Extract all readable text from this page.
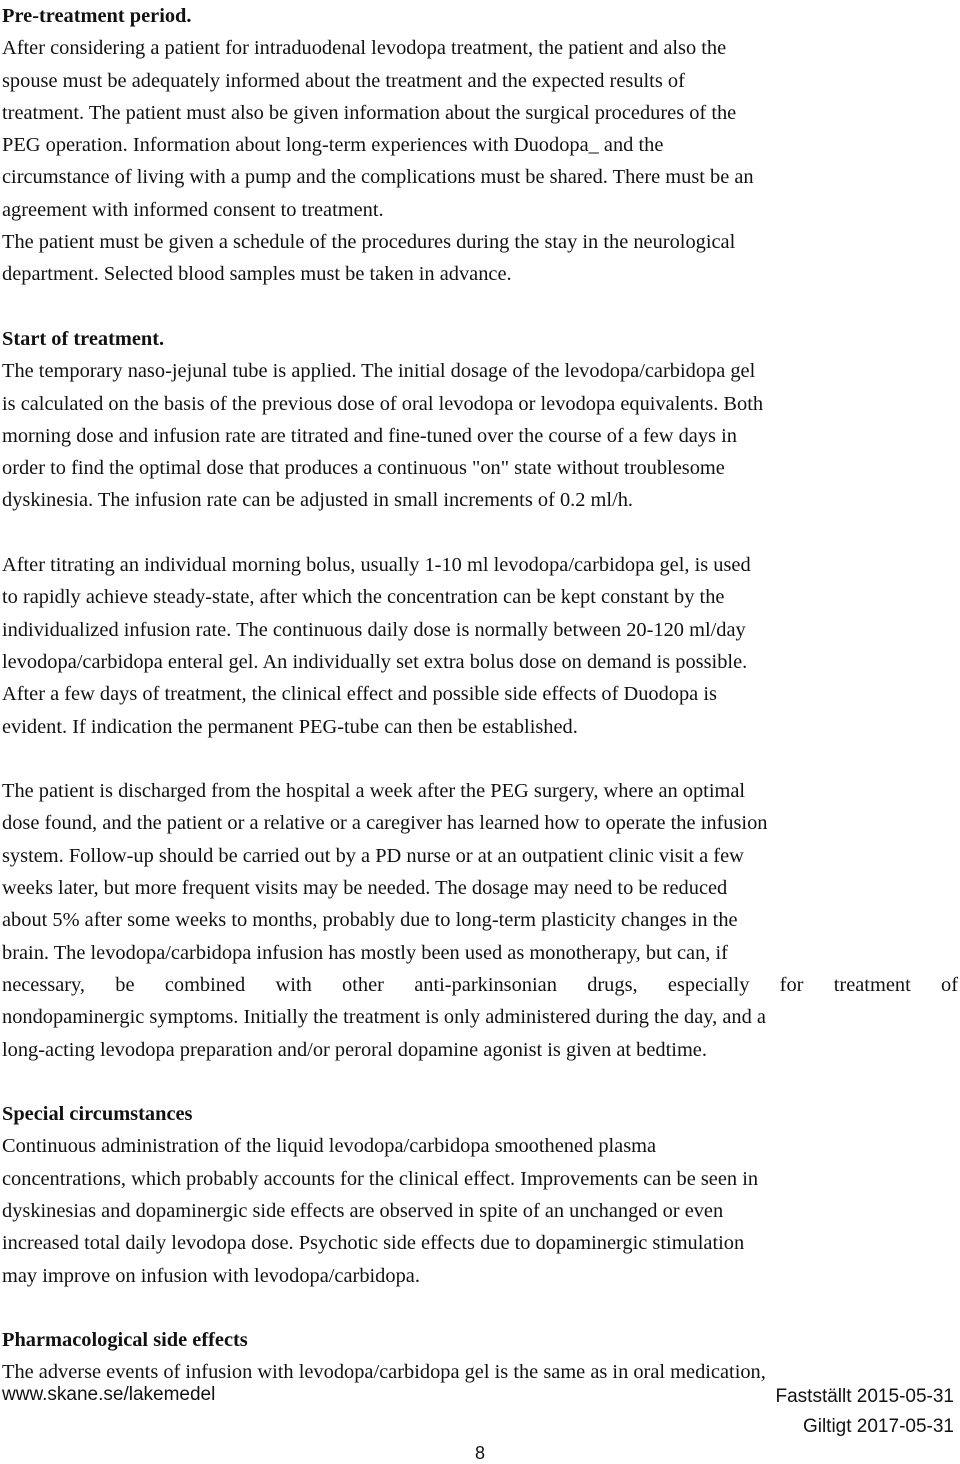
Pre-treatment period.
After considering a patient for intraduodenal levodopa treatment, the patient and also the
spouse must be adequately informed about the treatment and the expected results of
treatment. The patient must also be given information about the surgical procedures of the
PEG operation. Information about long-term experiences with Duodopa_ and the
circumstance of living with a pump and the complications must be shared. There must be an
agreement with informed consent to treatment.
The patient must be given a schedule of the procedures during the stay in the neurological
department. Selected blood samples must be taken in advance.
Start of treatment.
The temporary naso-jejunal tube is applied. The initial dosage of the levodopa/carbidopa gel
is calculated on the basis of the previous dose of oral levodopa or levodopa equivalents. Both
morning dose and infusion rate are titrated and fine-tuned over the course of a few days in
order to find the optimal dose that produces a continuous "on" state without troublesome
dyskinesia. The infusion rate can be adjusted in small increments of 0.2 ml/h.
After titrating an individual morning bolus, usually 1-10 ml levodopa/carbidopa gel, is used
to rapidly achieve steady-state, after which the concentration can be kept constant by the
individualized infusion rate. The continuous daily dose is normally between 20-120 ml/day
levodopa/carbidopa enteral gel. An individually set extra bolus dose on demand is possible.
After a few days of treatment, the clinical effect and possible side effects of Duodopa is
evident. If indication the permanent PEG-tube can then be established.
The patient is discharged from the hospital a week after the PEG surgery, where an optimal
dose found, and the patient or a relative or a caregiver has learned how to operate the infusion
system. Follow-up should be carried out by a PD nurse or at an outpatient clinic visit a few
weeks later, but more frequent visits may be needed. The dosage may need to be reduced
about 5% after some weeks to months, probably due to long-term plasticity changes in the
brain. The levodopa/carbidopa infusion has mostly been used as monotherapy, but can, if
necessary, be combined with other anti-parkinsonian drugs, especially for treatment of
nondopaminergic symptoms. Initially the treatment is only administered during the day, and a
long-acting levodopa preparation and/or peroral dopamine agonist is given at bedtime.
Special circumstances
Continuous administration of the liquid levodopa/carbidopa smoothened plasma
concentrations, which probably accounts for the clinical effect. Improvements can be seen in
dyskinesias and dopaminergic side effects are observed in spite of an unchanged or even
increased total daily levodopa dose. Psychotic side effects due to dopaminergic stimulation
may improve on infusion with levodopa/carbidopa.
Pharmacological side effects
The adverse events of infusion with levodopa/carbidopa gel is the same as in oral medication,
www.skane.se/lakemedel	Fastställt 2015-05-31
Giltigt 2017-05-31
8
